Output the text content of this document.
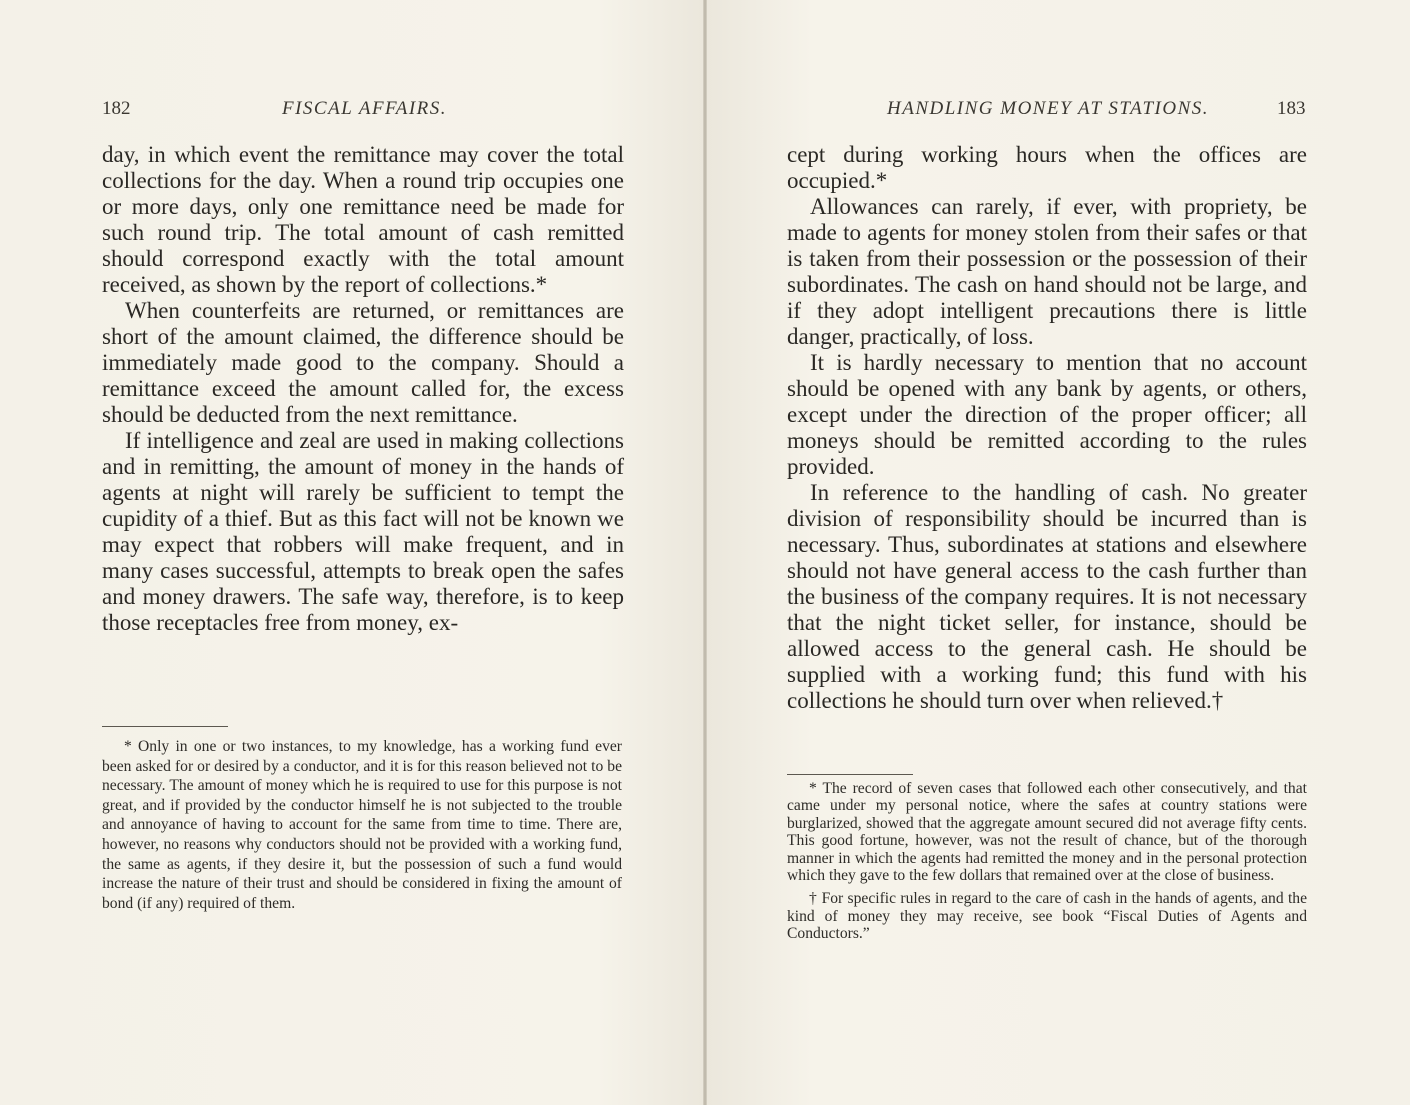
182	FISCAL AFFAIRS.

day, in which event the remittance may cover the total collections for the day. When a round trip occupies one or more days, only one remittance need be made for such round trip. The total amount of cash remitted should correspond exactly with the total amount received, as shown by the report of collections.*

When counterfeits are returned, or remittances are short of the amount claimed, the difference should be immediately made good to the company. Should a remittance exceed the amount called for, the excess should be deducted from the next remittance.

If intelligence and zeal are used in making collections and in remitting, the amount of money in the hands of agents at night will rarely be sufficient to tempt the cupidity of a thief. But as this fact will not be known we may expect that robbers will make frequent, and in many cases successful, attempts to break open the safes and money drawers. The safe way, therefore, is to keep those receptacles free from money, ex-

* Only in one or two instances, to my knowledge, has a working fund ever been asked for or desired by a conductor, and it is for this reason believed not to be necessary. The amount of money which he is required to use for this purpose is not great, and if provided by the conductor himself he is not subjected to the trouble and annoyance of having to account for the same from time to time. There are, however, no reasons why conductors should not be provided with a working fund, the same as agents, if they desire it, but the possession of such a fund would increase the nature of their trust and should be considered in fixing the amount of bond (if any) required of them.

HANDLING MONEY AT STATIONS.	183

cept during working hours when the offices are occupied.*

Allowances can rarely, if ever, with propriety, be made to agents for money stolen from their safes or that is taken from their possession or the possession of their subordinates. The cash on hand should not be large, and if they adopt intelligent precautions there is little danger, practically, of loss.

It is hardly necessary to mention that no account should be opened with any bank by agents, or others, except under the direction of the proper officer; all moneys should be remitted according to the rules provided.

In reference to the handling of cash. No greater division of responsibility should be incurred than is necessary. Thus, subordinates at stations and elsewhere should not have general access to the cash further than the business of the company requires. It is not necessary that the night ticket seller, for instance, should be allowed access to the general cash. He should be supplied with a working fund; this fund with his collections he should turn over when relieved.†

* The record of seven cases that followed each other consecutively, and that came under my personal notice, where the safes at country stations were burglarized, showed that the aggregate amount secured did not average fifty cents. This good fortune, however, was not the result of chance, but of the thorough manner in which the agents had remitted the money and in the personal protection which they gave to the few dollars that remained over at the close of business.

† For specific rules in regard to the care of cash in the hands of agents, and the kind of money they may receive, see book “Fiscal Duties of Agents and Conductors.”
